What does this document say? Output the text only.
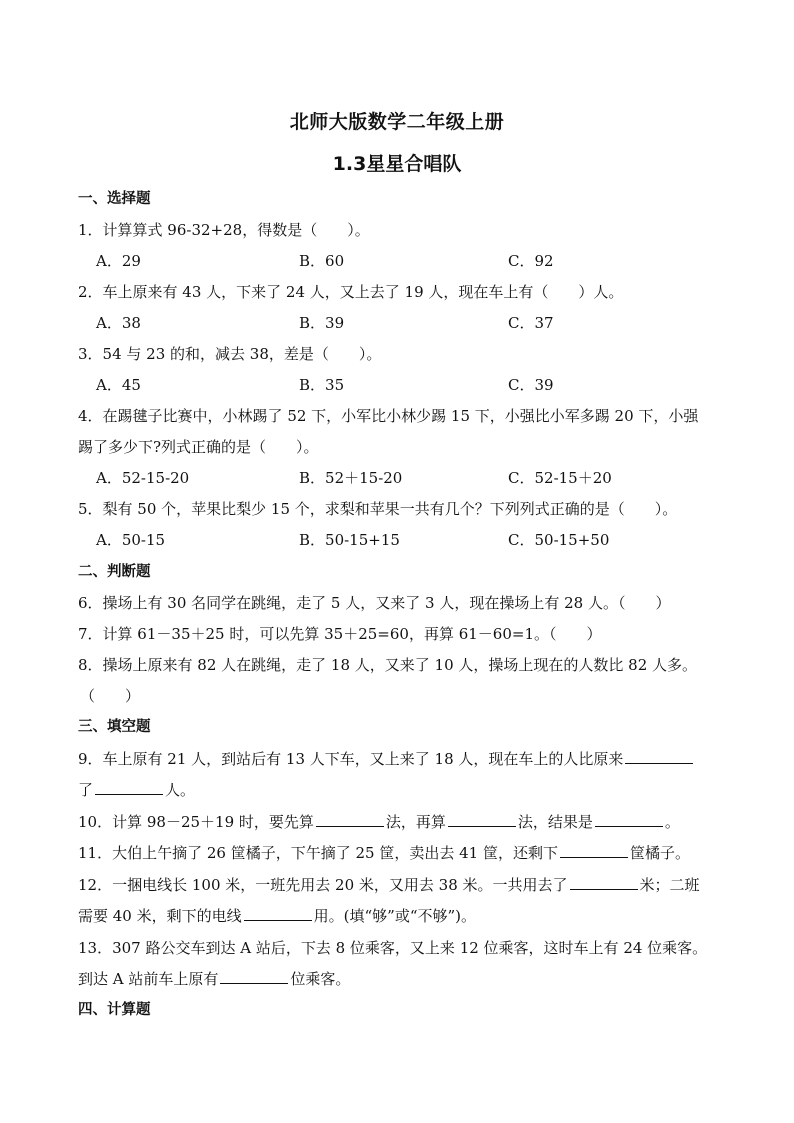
北师大版数学二年级上册
1.3星星合唱队
一、选择题
1．计算算式 96-32+28，得数是（　　）。
A．29	B．60	C．92
2．车上原来有 43 人，下来了 24 人，又上去了 19 人，现在车上有（　　）人。
A．38	B．39	C．37
3．54 与 23 的和，减去 38，差是（　　）。
A．45	B．35	C．39
4．在踢毽子比赛中，小林踢了 52 下，小军比小林少踢 15 下，小强比小军多踢 20 下，小强
踢了多少下?列式正确的是（　　）。
A．52-15-20	B．52＋15-20	C．52-15＋20
5．梨有 50 个，苹果比梨少 15 个，求梨和苹果一共有几个？下列列式正确的是（　　）。
A．50-15	B．50-15+15	C．50-15+50
二、判断题
6．操场上有 30 名同学在跳绳，走了 5 人，又来了 3 人，现在操场上有 28 人。（　　）
7．计算 61－35＋25 时，可以先算 35＋25=60，再算 61－60=1。（　　）
8．操场上原来有 82 人在跳绳，走了 18 人，又来了 10 人，操场上现在的人数比 82 人多。
（　　）
三、填空题
9．车上原有 21 人，到站后有 13 人下车，又上来了 18 人，现在车上的人比原来
了	人。
10．计算 98－25＋19 时，要先算	法，再算	法，结果是	。
11．大伯上午摘了 26 筐橘子，下午摘了 25 筐，卖出去 41 筐，还剩下	筐橘子。
12．一捆电线长 100 米，一班先用去 20 米，又用去 38 米。一共用去了	米；二班
需要 40 米，剩下的电线	用。(填“够”或“不够”)。
13．307 路公交车到达 A 站后，下去 8 位乘客，又上来 12 位乘客，这时车上有 24 位乘客。
到达 A 站前车上原有	位乘客。
四、计算题
